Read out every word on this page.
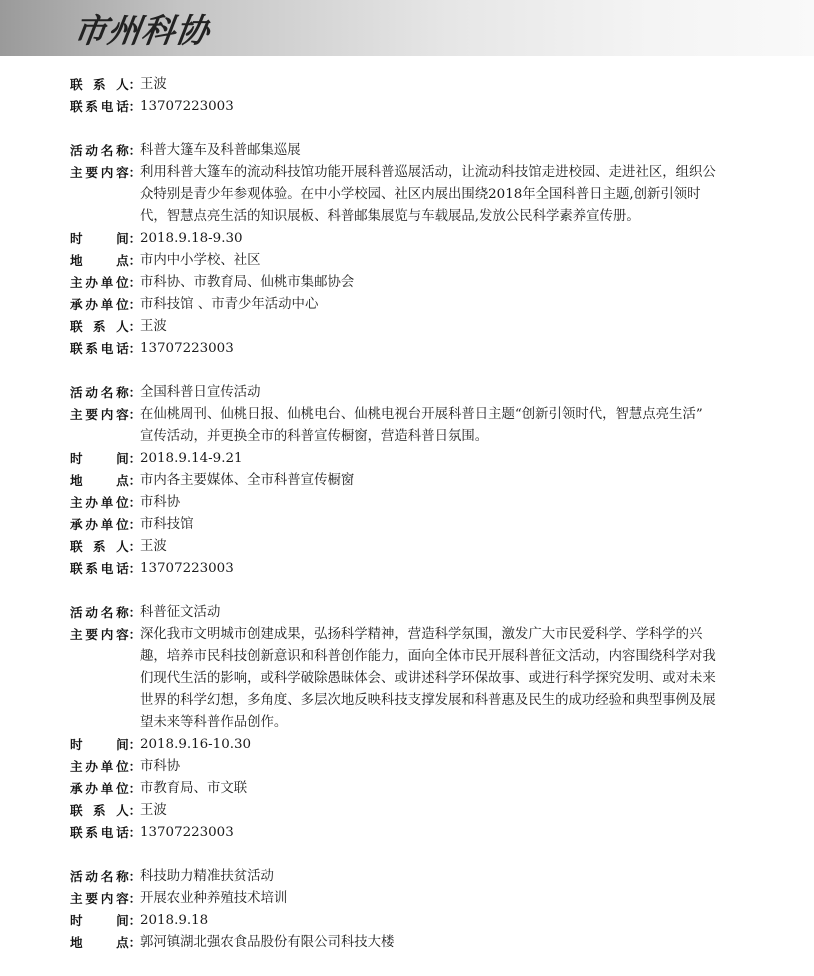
市州科协
联 系 人 ：
王波
联 系 电 话 ：
13707223003
活 动 名 称 ：
科普大篷车及科普邮集巡展
主 要 内 容 ：
利用科普大篷车的流动科技馆功能开展科普巡展活动，让流动科技馆走进校园、走进社区，组织公
众特别是青少年参观体验。在中小学校园、社区内展出围绕2018年全国科普日主题,创新引领时
代，智慧点亮生活的知识展板、科普邮集展览与车载展品,发放公民科学素养宣传册。
时	间 ：
2018.9.18-9.30
地	点 ：
市内中小学校、社区
主 办 单 位 ：
市科协、市教育局、仙桃市集邮协会
承 办 单 位 ：
市科技馆 、市青少年活动中心
联 系 人 ：
王波
联 系 电 话 ：
13707223003
活 动 名 称 ：
全国科普日宣传活动
主 要 内 容 ：
在仙桃周刊、仙桃日报、仙桃电台、仙桃电视台开展科普日主题“创新引领时代，智慧点亮生活”
宣传活动，并更换全市的科普宣传橱窗，营造科普日氛围。
时	间 ：
2018.9.14-9.21
地	点 ：
市内各主要媒体、全市科普宣传橱窗
主 办 单 位 ：
市科协
承 办 单 位 ：
市科技馆
联 系 人 ：
王波
联 系 电 话 ：
13707223003
活 动 名 称 ：
科普征文活动
主 要 内 容 ：
深化我市文明城市创建成果，弘扬科学精神，营造科学氛围，激发广大市民爱科学、学科学的兴
趣，培养市民科技创新意识和科普创作能力，面向全体市民开展科普征文活动，内容围绕科学对我
们现代生活的影响，或科学破除愚昧体会、或讲述科学环保故事、或进行科学探究发明、或对未来
世界的科学幻想，多角度、多层次地反映科技支撑发展和科普惠及民生的成功经验和典型事例及展
望未来等科普作品创作。
时	间 ：
2018.9.16-10.30
主 办 单 位 ：
市科协
承 办 单 位 ：
市教育局、市文联
联 系 人 ：
王波
联 系 电 话 ：
13707223003
活 动 名 称 ：
科技助力精准扶贫活动
主 要 内 容 ：
开展农业种养殖技术培训
时	间 ：
2018.9.18
地	点 ：
郭河镇湖北强农食品股份有限公司科技大楼
